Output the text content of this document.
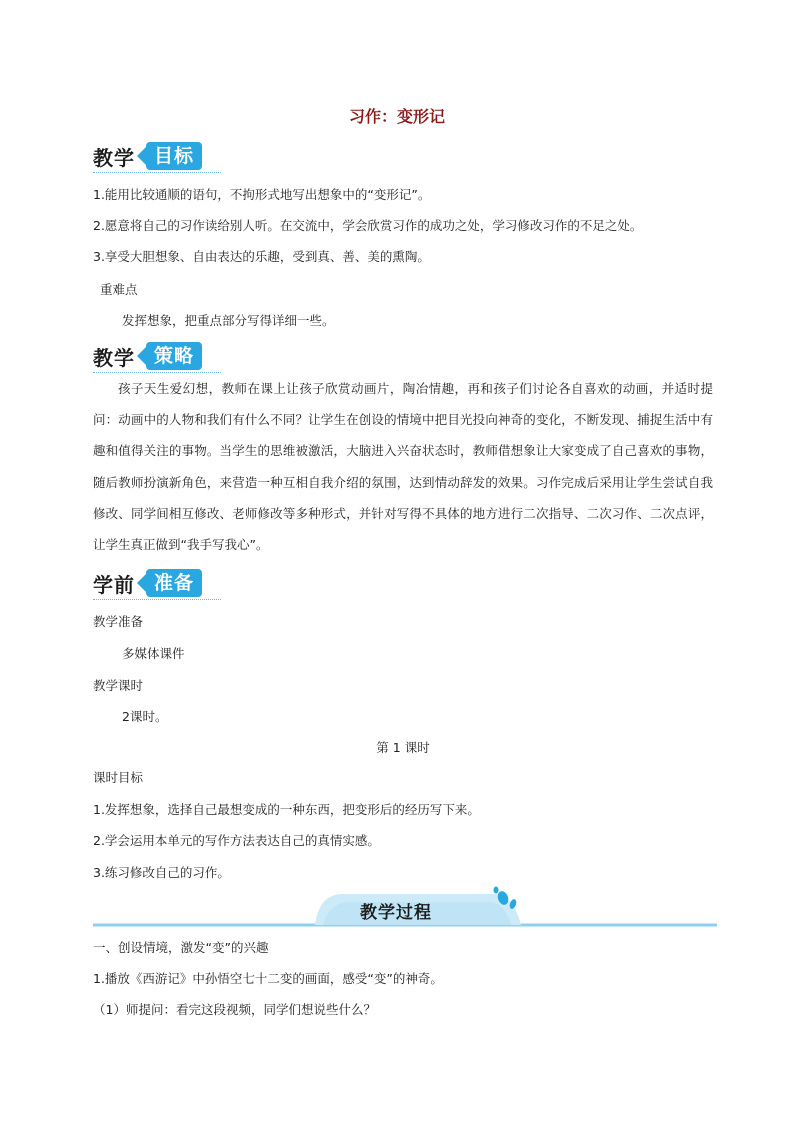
习作：变形记
教学	目标
1.能用比较通顺的语句，不拘形式地写出想象中的“变形记”。
2.愿意将自己的习作读给别人听。在交流中，学会欣赏习作的成功之处，学习修改习作的不足之处。
3.享受大胆想象、自由表达的乐趣，受到真、善、美的熏陶。
重难点
发挥想象，把重点部分写得详细一些。
教学	策略
孩子天生爱幻想，教师在课上让孩子欣赏动画片，陶冶情趣，再和孩子们讨论各自喜欢的动画，并适时提问：动画中的人物和我们有什么不同？让学生在创设的情境中把目光投向神奇的变化，不断发现、捕捉生活中有趣和值得关注的事物。当学生的思维被激活，大脑进入兴奋状态时，教师借想象让大家变成了自己喜欢的事物，随后教师扮演新角色，来营造一种互相自我介绍的氛围，达到情动辞发的效果。习作完成后采用让学生尝试自我修改、同学间相互修改、老师修改等多种形式，并针对写得不具体的地方进行二次指导、二次习作、二次点评，让学生真正做到“我手写我心”。
学前	准备
教学准备
多媒体课件
教学课时
2课时。
第 1 课时
课时目标
1.发挥想象，选择自己最想变成的一种东西，把变形后的经历写下来。
2.学会运用本单元的写作方法表达自己的真情实感。
3.练习修改自己的习作。
教学过程
一、创设情境，激发“变”的兴趣
1.播放《西游记》中孙悟空七十二变的画面，感受“变”的神奇。
（1）师提问：看完这段视频，同学们想说些什么？
